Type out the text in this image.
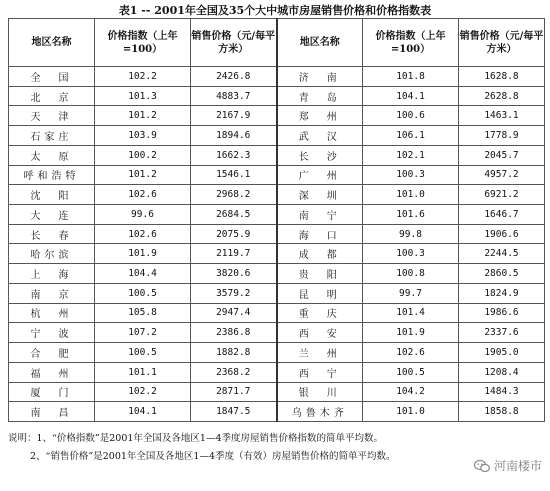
表1 -- 2001年全国及35个大中城市房屋销售价格和价格指数表
地区名称	价格指数（上年=100）	销售价格（元/每平方米）	地区名称	价格指数（上年=100）	销售价格（元/每平方米）
全　国	102.2	2426.8	济　南	101.8	1628.8
北　京	101.3	4883.7	青　岛	104.1	2628.8
天　津	101.2	2167.9	郑　州	100.6	1463.1
石家庄	103.9	1894.6	武　汉	106.1	1778.9
太　原	100.2	1662.3	长　沙	102.1	2045.7
呼和浩特	101.2	1546.1	广　州	100.3	4957.2
沈　阳	102.6	2968.2	深　圳	101.0	6921.2
大　连	99.6	2684.5	南　宁	101.6	1646.7
长　春	102.6	2075.9	海　口	99.8	1906.6
哈尔滨	101.9	2119.7	成　都	100.3	2244.5
上　海	104.4	3820.6	贵　阳	100.8	2860.5
南　京	100.5	3579.2	昆　明	99.7	1824.9
杭　州	105.8	2947.4	重　庆	101.4	1986.6
宁　波	107.2	2386.8	西　安	101.9	2337.6
合　肥	100.5	1882.8	兰　州	102.6	1905.0
福　州	101.1	2368.2	西　宁	100.5	1208.4
厦　门	102.2	2871.7	银　川	104.2	1484.3
南　昌	104.1	1847.5	乌鲁木齐	101.0	1858.8
说明：1、“价格指数”是2001年全国及各地区1—4季度房屋销售价格指数的简单平均数。
2、“销售价格”是2001年全国及各地区1—4季度（有效）房屋销售价格的简单平均数。
河南楼市
